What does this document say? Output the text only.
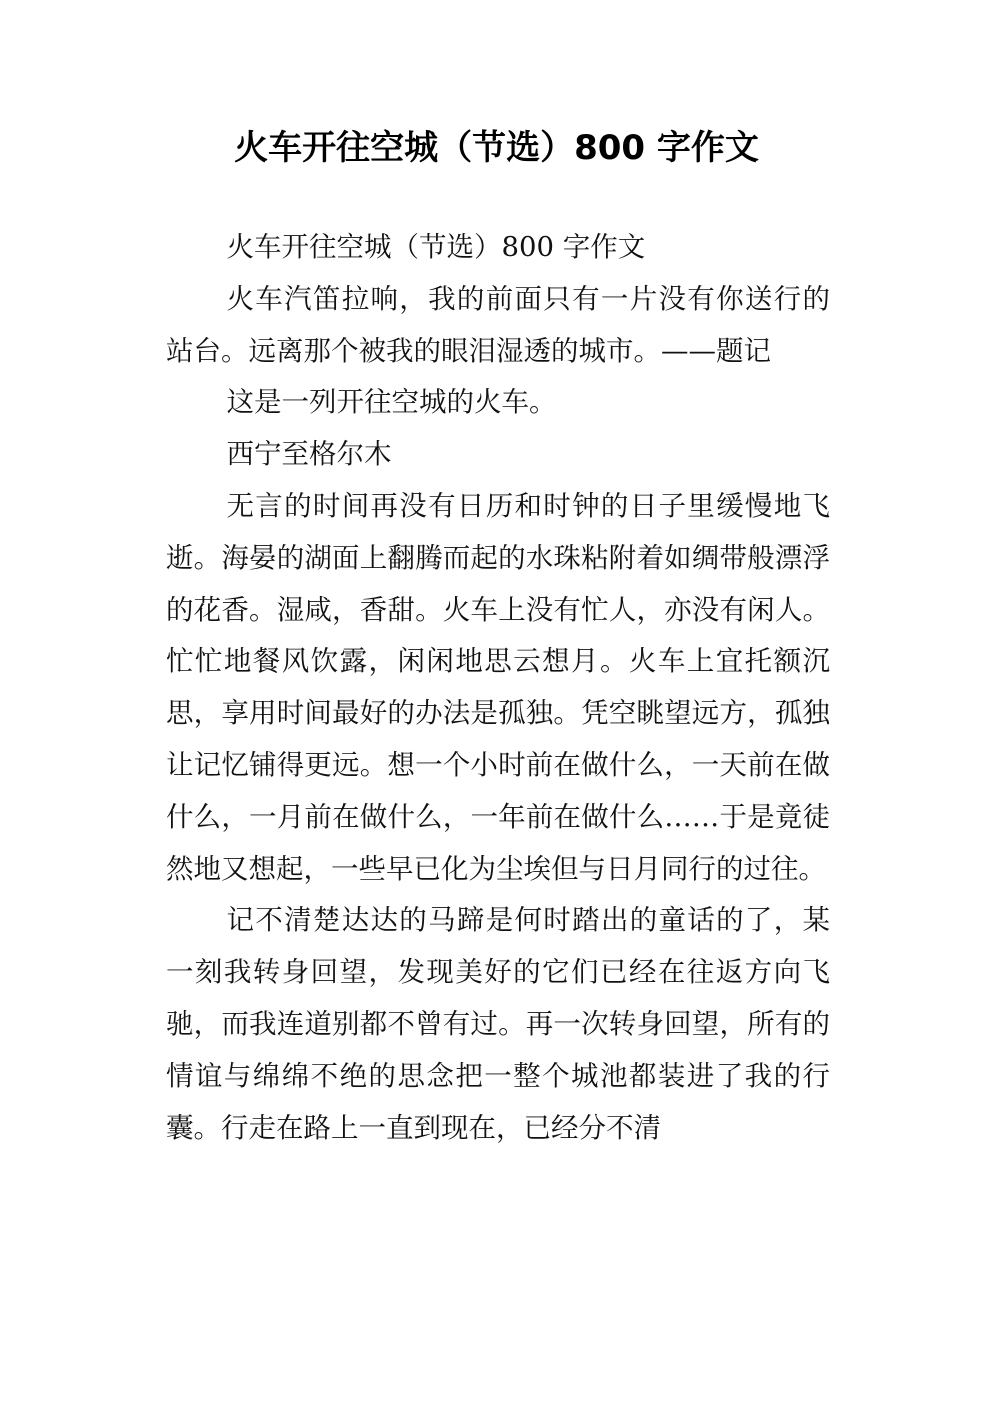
火车开往空城（节选）800 字作文

火车开往空城（节选）800 字作文

火车汽笛拉响，我的前面只有一片没有你送行的站台。远离那个被我的眼泪湿透的城市。——题记

这是一列开往空城的火车。

西宁至格尔木

无言的时间再没有日历和时钟的日子里缓慢地飞逝。海晏的湖面上翻腾而起的水珠粘附着如绸带般漂浮的花香。湿咸，香甜。火车上没有忙人，亦没有闲人。忙忙地餐风饮露，闲闲地思云想月。火车上宜托额沉思，享用时间最好的办法是孤独。凭空眺望远方，孤独让记忆铺得更远。想一个小时前在做什么，一天前在做什么，一月前在做什么，一年前在做什么……于是竟徒然地又想起，一些早已化为尘埃但与日月同行的过往。

记不清楚达达的马蹄是何时踏出的童话的了，某一刻我转身回望，发现美好的它们已经在往返方向飞驰，而我连道别都不曾有过。再一次转身回望，所有的情谊与绵绵不绝的思念把一整个城池都装进了我的行囊。行走在路上一直到现在，已经分不清
